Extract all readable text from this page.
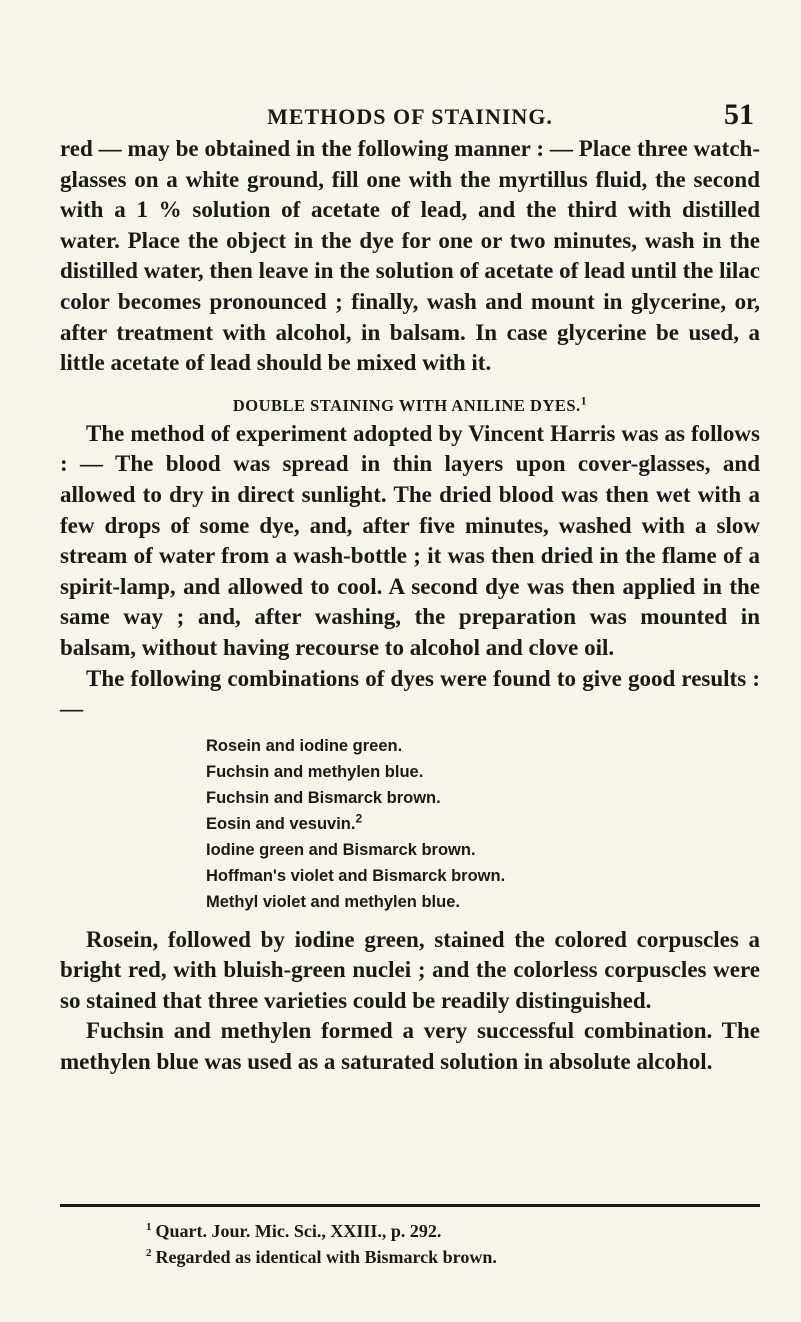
METHODS OF STAINING.	51

red — may be obtained in the following manner : — Place three watch-glasses on a white ground, fill one with the myrtillus fluid, the second with a 1 % solution of acetate of lead, and the third with distilled water. Place the object in the dye for one or two minutes, wash in the distilled water, then leave in the solution of acetate of lead until the lilac color becomes pronounced ; finally, wash and mount in glycerine, or, after treatment with alcohol, in balsam. In case glycerine be used, a little acetate of lead should be mixed with it.

DOUBLE STAINING WITH ANILINE DYES.$^1$

The method of experiment adopted by Vincent Harris was as follows : — The blood was spread in thin layers upon cover-glasses, and allowed to dry in direct sunlight. The dried blood was then wet with a few drops of some dye, and, after five minutes, washed with a slow stream of water from a wash-bottle ; it was then dried in the flame of a spirit-lamp, and allowed to cool. A second dye was then applied in the same way ; and, after washing, the preparation was mounted in balsam, without having recourse to alcohol and clove oil.

The following combinations of dyes were found to give good results : —

Rosein and iodine green.
Fuchsin and methylen blue.
Fuchsin and Bismarck brown.
Eosin and vesuvin.$^2$
Iodine green and Bismarck brown.
Hoffman's violet and Bismarck brown.
Methyl violet and methylen blue.

Rosein, followed by iodine green, stained the colored corpuscles a bright red, with bluish-green nuclei ; and the colorless corpuscles were so stained that three varieties could be readily distinguished.

Fuchsin and methylen formed a very successful combination. The methylen blue was used as a saturated solution in absolute alcohol.

$^1$ Quart. Jour. Mic. Sci., XXIII., p. 292.

$^2$ Regarded as identical with Bismarck brown.
